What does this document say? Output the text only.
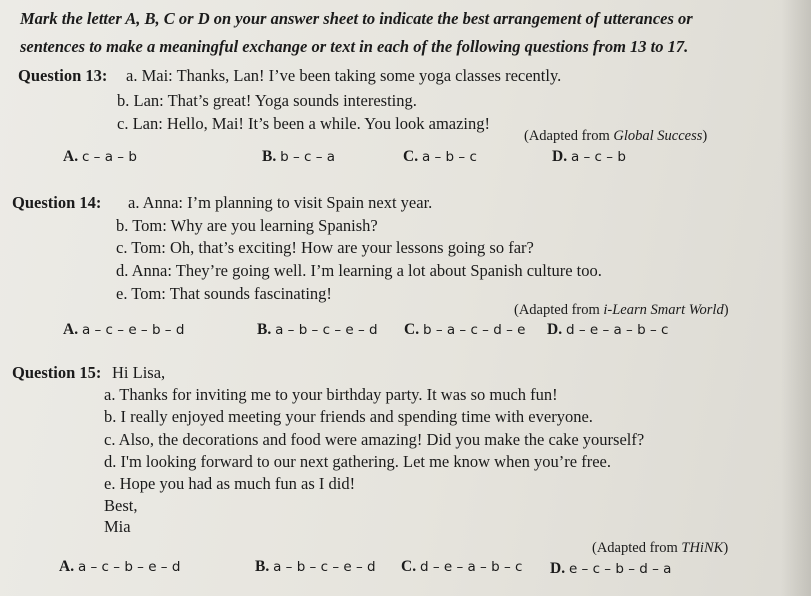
Mark the letter A, B, C or D on your answer sheet to indicate the best arrangement of utterances or
sentences to make a meaningful exchange or text in each of the following questions from 13 to 17.
Question 13: a. Mai: Thanks, Lan! I’ve been taking some yoga classes recently.
b. Lan: That’s great! Yoga sounds interesting.
c. Lan: Hello, Mai! It’s been a while. You look amazing!
(Adapted from Global Success)
A. c – a – b	B. b – c – a	C. a – b – c	D. a – c – b
Question 14: a. Anna: I’m planning to visit Spain next year.
b. Tom: Why are you learning Spanish?
c. Tom: Oh, that’s exciting! How are your lessons going so far?
d. Anna: They’re going well. I’m learning a lot about Spanish culture too.
e. Tom: That sounds fascinating!
(Adapted from i-Learn Smart World)
A. a – c – e – b – d	B. a – b – c – e – d C. b – a – c – d – e D. d – e – a – b – c
Question 15: Hi Lisa,
a. Thanks for inviting me to your birthday party. It was so much fun!
b. I really enjoyed meeting your friends and spending time with everyone.
c. Also, the decorations and food were amazing! Did you make the cake yourself?
d. I'm looking forward to our next gathering. Let me know when you’re free.
e. Hope you had as much fun as I did!
Best,
Mia
(Adapted from THiNK)
A. a – c – b – e – d	B. a – b – c – e – d C. d – e – a – b – c D. e – c – b – d – a
